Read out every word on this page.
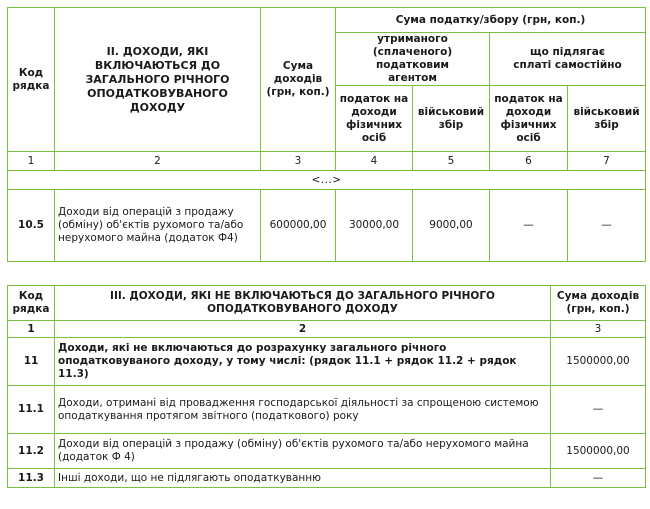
Код рядка	II. ДОХОДИ, ЯКІ ВКЛЮЧАЮТЬСЯ ДО ЗАГАЛЬНОГО РІЧНОГО ОПОДАТКОВУВАНОГО ДОХОДУ	Сума доходів (грн, коп.)	Сума податку/збору (грн, коп.)			
			утриманого (сплаченого) податковим агентом		що підлягає сплаті самостійно	
			податок на доходи фізичних осіб	військовий збір	податок на доходи фізичних осіб	військовий збір
1	2	3	4	5	6	7
<...>						
10.5	Доходи від операцій з продажу (обміну) об'єктів рухомого та/або нерухомого майна (додаток Ф4)	600000,00	30000,00	9000,00	—	—
Код рядка	III. ДОХОДИ, ЯКІ НЕ ВКЛЮЧАЮТЬСЯ ДО ЗАГАЛЬНОГО РІЧНОГО ОПОДАТКОВУВАНОГО ДОХОДУ	Сума доходів (грн, коп.)
1	2	3
11	Доходи, які не включаються до розрахунку загального річного оподатковуваного доходу, у тому числі: (рядок 11.1 + рядок 11.2 + рядок 11.3)	1500000,00
11.1	Доходи, отримані від провадження господарської діяльності за спрощеною системою оподаткування протягом звітного (податкового) року	—
11.2	Доходи від операцій з продажу (обміну) об'єктів рухомого та/або нерухомого майна (додаток Ф 4)	1500000,00
11.3	Інші доходи, що не підлягають оподаткуванню	—
